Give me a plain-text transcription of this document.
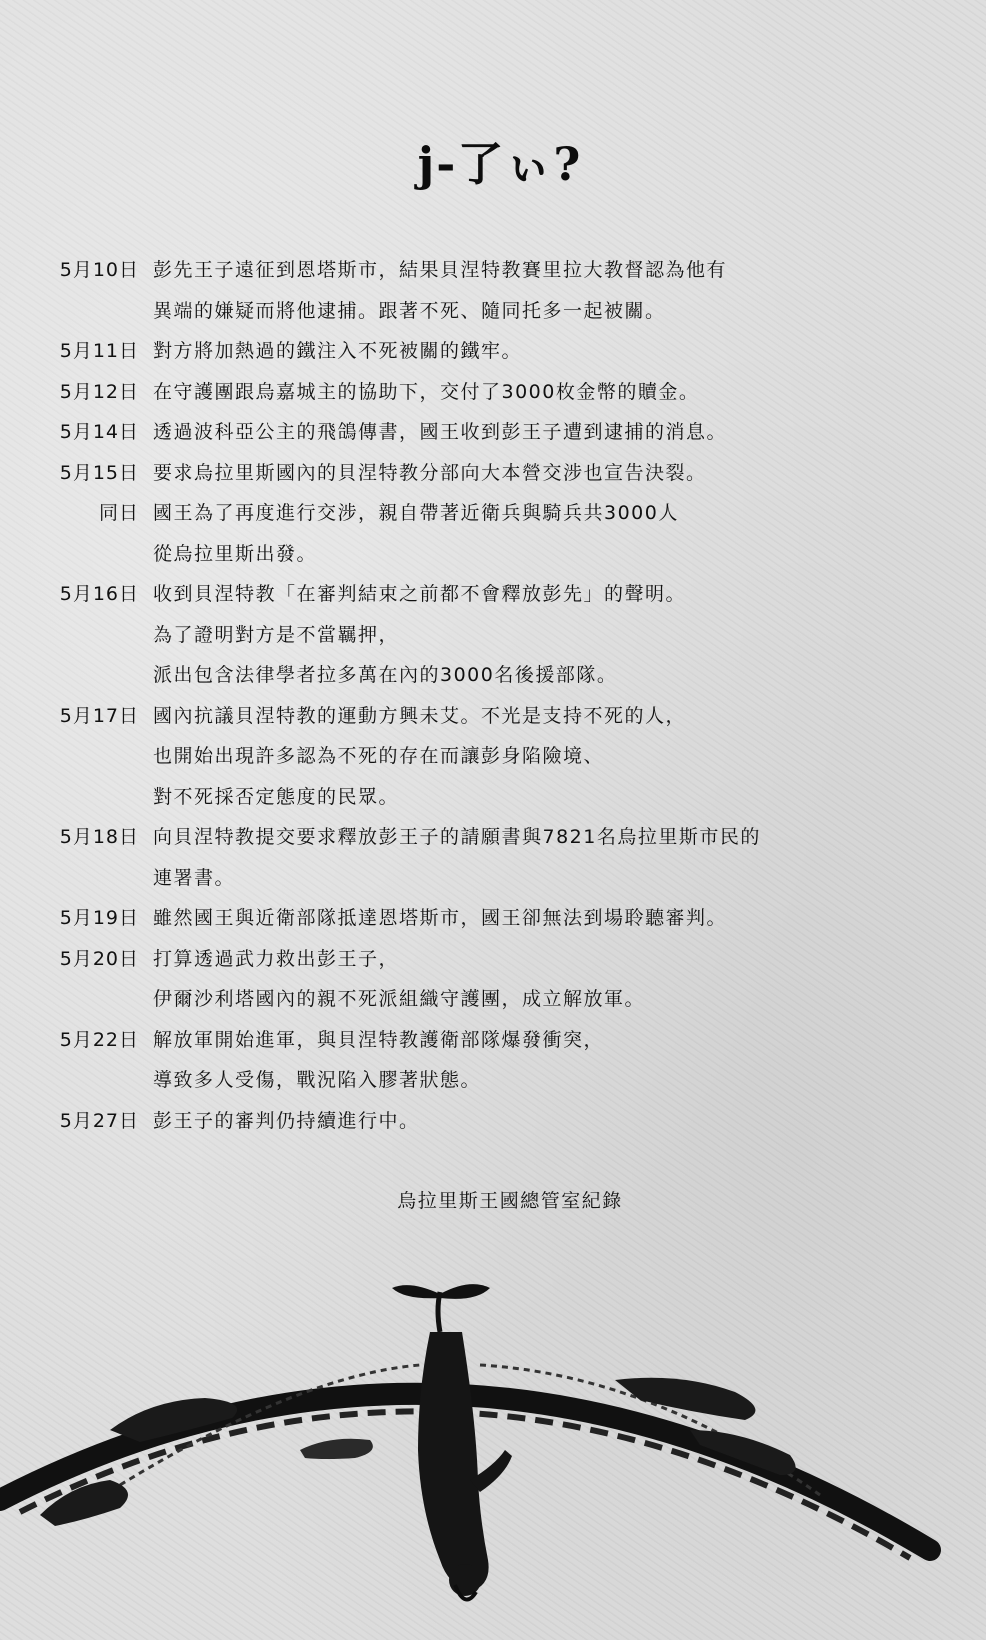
j-了ぃ?
5月10日 彭先王子遠征到恩塔斯市，結果貝涅特教賽里拉大教督認為他有
異端的嫌疑而將他逮捕。跟著不死、隨同托多一起被關。
5月11日 對方將加熱過的鐵注入不死被關的鐵牢。
5月12日 在守護團跟烏嘉城主的協助下，交付了3000枚金幣的贖金。
5月14日 透過波科亞公主的飛鴿傳書，國王收到彭王子遭到逮捕的消息。
5月15日 要求烏拉里斯國內的貝涅特教分部向大本營交涉也宣告決裂。
同日 國王為了再度進行交涉，親自帶著近衛兵與騎兵共3000人
從烏拉里斯出發。
5月16日 收到貝涅特教「在審判結束之前都不會釋放彭先」的聲明。
為了證明對方是不當羈押，
派出包含法律學者拉多萬在內的3000名後援部隊。
5月17日 國內抗議貝涅特教的運動方興未艾。不光是支持不死的人，
也開始出現許多認為不死的存在而讓彭身陷險境、
對不死採否定態度的民眾。
5月18日 向貝涅特教提交要求釋放彭王子的請願書與7821名烏拉里斯市民的
連署書。
5月19日 雖然國王與近衛部隊抵達恩塔斯市，國王卻無法到場聆聽審判。
5月20日 打算透過武力救出彭王子，
伊爾沙利塔國內的親不死派組織守護團，成立解放軍。
5月22日 解放軍開始進軍，與貝涅特教護衛部隊爆發衝突，
導致多人受傷，戰況陷入膠著狀態。
5月27日 彭王子的審判仍持續進行中。
烏拉里斯王國總管室紀錄
